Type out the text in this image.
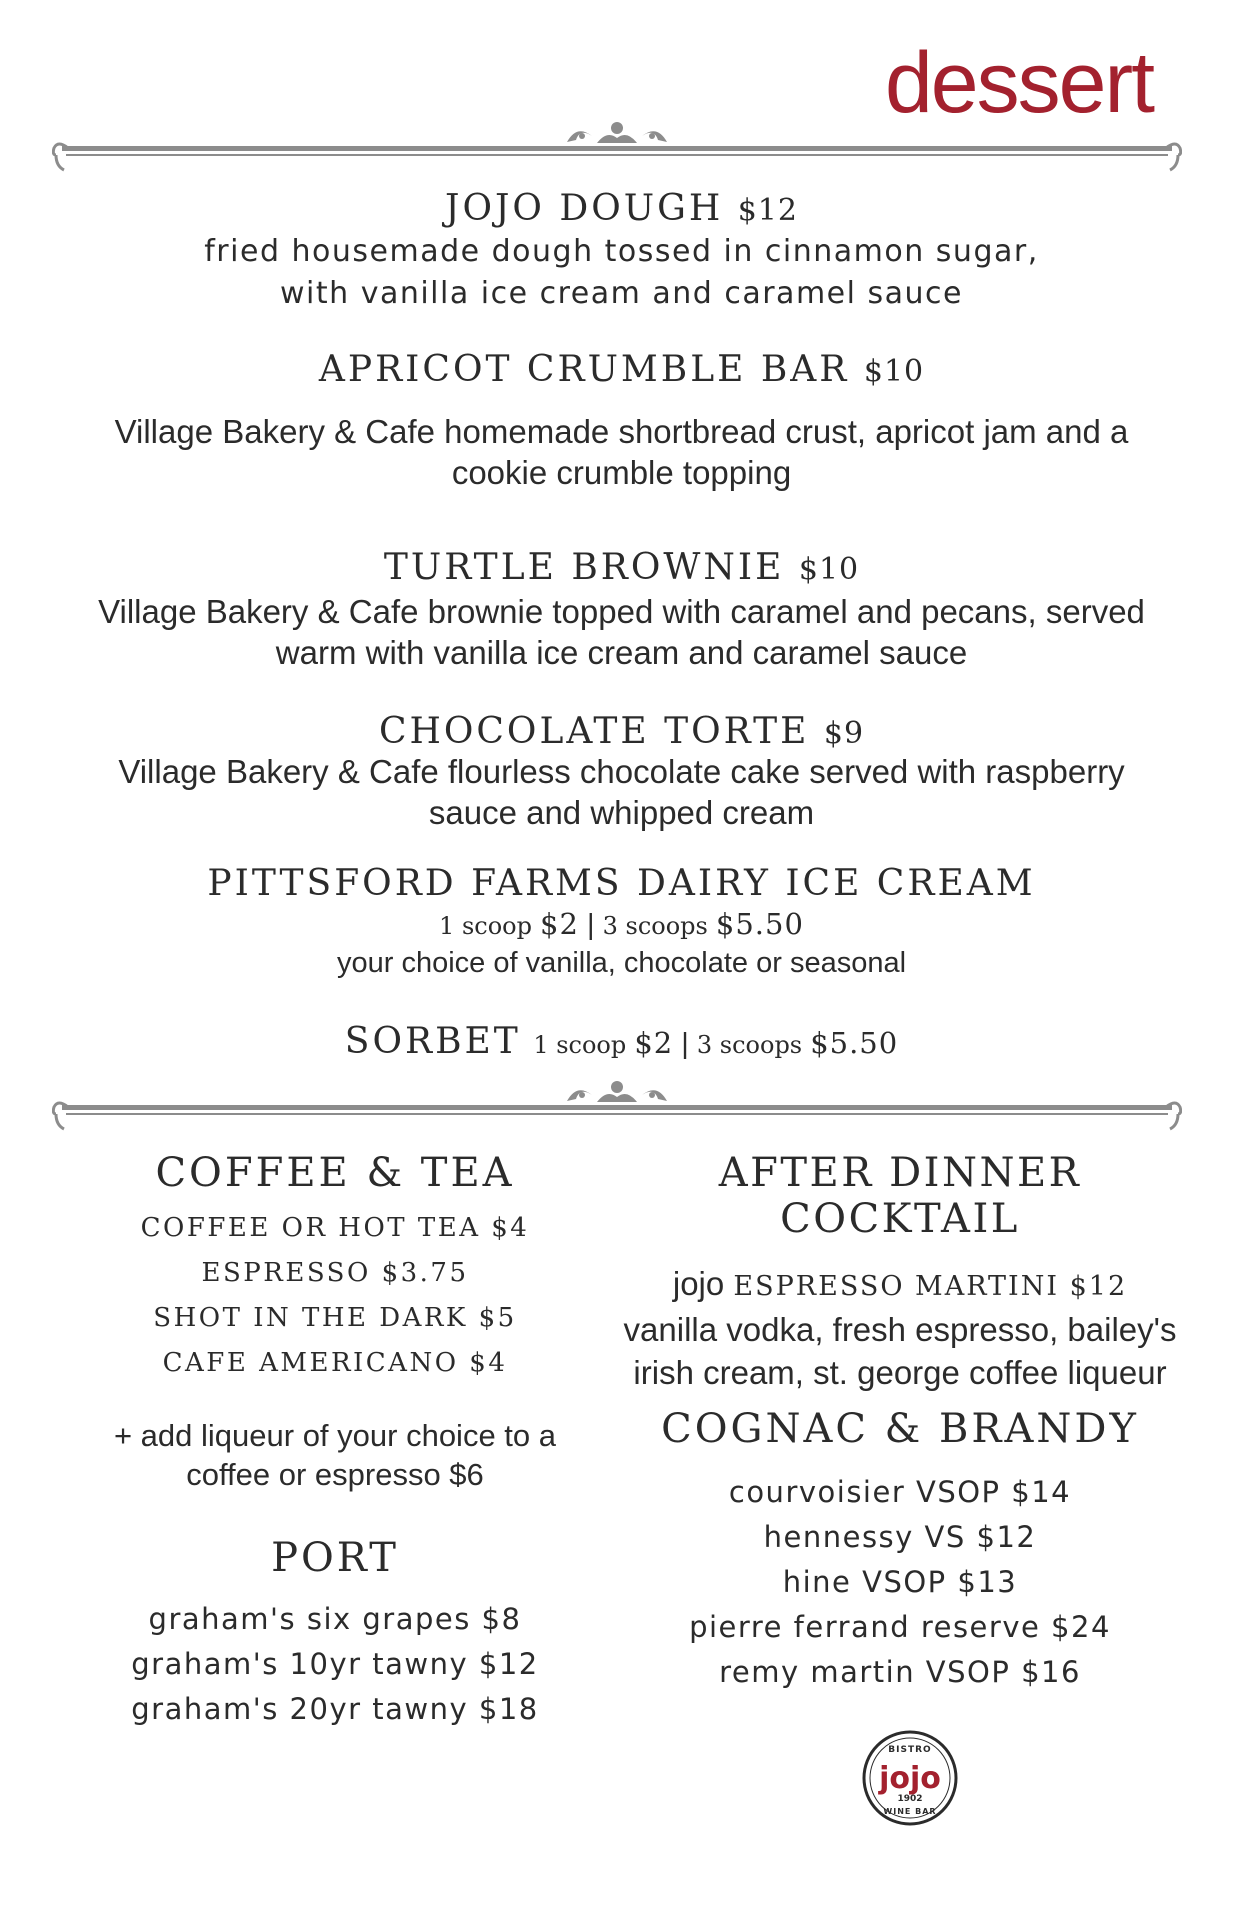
dessert
JOJO DOUGH $12
fried housemade dough tossed in cinnamon sugar,
with vanilla ice cream and caramel sauce
APRICOT CRUMBLE BAR $10
Village Bakery & Cafe homemade shortbread crust, apricot jam and a
cookie crumble topping
TURTLE BROWNIE $10
Village Bakery & Cafe brownie topped with caramel and pecans, served
warm with vanilla ice cream and caramel sauce
CHOCOLATE TORTE $9
Village Bakery & Cafe flourless chocolate cake served with raspberry
sauce and whipped cream
PITTSFORD FARMS DAIRY ICE CREAM
1 scoop $2 | 3 scoops $5.50
your choice of vanilla, chocolate or seasonal
SORBET 1 scoop $2 | 3 scoops $5.50
COFFEE & TEA
COFFEE OR HOT TEA $4
ESPRESSO $3.75
SHOT IN THE DARK $5
CAFE AMERICANO $4
+ add liqueur of your choice to a
coffee or espresso $6
PORT
graham's six grapes $8
graham's 10yr tawny $12
graham's 20yr tawny $18
AFTER DINNER COCKTAIL
jojo ESPRESSO MARTINI $12
vanilla vodka, fresh espresso, bailey's
irish cream, st. george coffee liqueur
COGNAC & BRANDY
courvoisier VSOP $14
hennessy VS $12
hine VSOP $13
pierre ferrand reserve $24
remy martin VSOP $16
BISTRO
jojo
1902
WINE BAR
